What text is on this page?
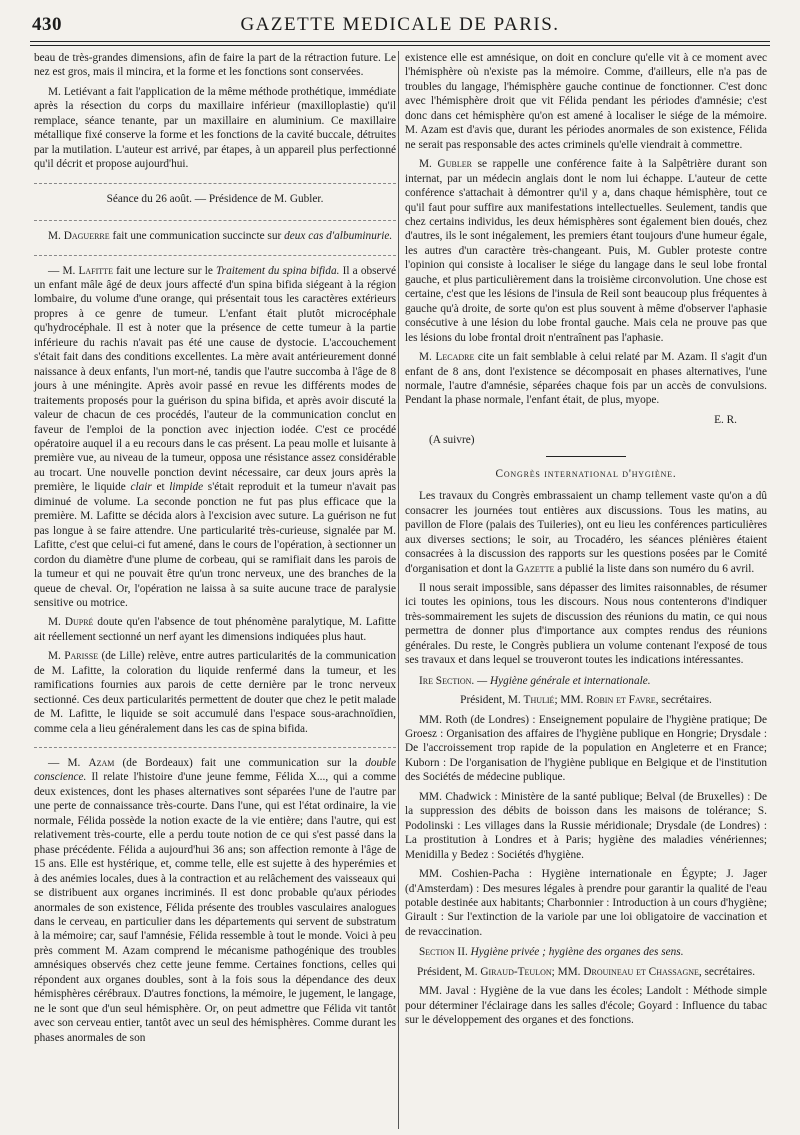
430	GAZETTE MEDICALE DE PARIS.

beau de très-grandes dimensions, afin de faire la part de la rétraction future. Le nez est gros, mais il mincira, et la forme et les fonctions sont conservées.

M. Letiévant a fait l'application de la même méthode prothétique, immédiate après la résection du corps du maxillaire inférieur (maxilloplastie) qu'il remplace, séance tenante, par un maxillaire en aluminium. Ce maxillaire métallique fixé conserve la forme et les fonctions de la cavité buccale, détruites par la mutilation. L'auteur est arrivé, par étapes, à un appareil plus perfectionné qu'il décrit et propose aujourd'hui.

Séance du 26 août. — Présidence de M. Gubler.

M. Daguerre fait une communication succincte sur deux cas d'albuminurie.

— M. Lafitte fait une lecture sur le Traitement du spina bifida. Il a observé un enfant mâle âgé de deux jours affecté d'un spina bifida siégeant à la région lombaire, du volume d'une orange, qui présentait tous les caractères extérieurs propres à ce genre de tumeur. L'enfant était plutôt microcéphale qu'hydrocéphale. Il est à noter que la présence de cette tumeur à la partie inférieure du rachis n'avait pas été une cause de dystocie. L'accouchement s'était fait dans des conditions excellentes. La mère avait antérieurement donné naissance à deux enfants, l'un mort-né, tandis que l'autre succomba à l'âge de 8 jours à une méningite. Après avoir passé en revue les différents modes de traitements proposés pour la guérison du spina bifida, et après avoir discuté la valeur de chacun de ces procédés, l'auteur de la communication conclut en faveur de l'emploi de la ponction avec injection iodée. C'est ce procédé opératoire auquel il a eu recours dans le cas présent. La peau molle et luisante à première vue, au niveau de la tumeur, opposa une résistance assez considérable au trocart. Une nouvelle ponction devint nécessaire, car deux jours après la première, le liquide clair et limpide s'était reproduit et la tumeur n'avait pas diminué de volume. La seconde ponction ne fut pas plus efficace que la première. M. Lafitte se décida alors à l'excision avec suture. La guérison ne fut pas longue à se faire attendre. Une particularité très-curieuse, signalée par M. Lafitte, c'est que celui-ci fut amené, dans le cours de l'opération, à sectionner un cordon du diamètre d'une plume de corbeau, qui se ramifiait dans les parois de la tumeur et qui ne pouvait être qu'un tronc nerveux, une des branches de la queue de cheval. Or, l'opération ne laissa à sa suite aucune trace de paralysie sensitive ou motrice.

M. Dupré doute qu'en l'absence de tout phénomène paralytique, M. Lafitte ait réellement sectionné un nerf ayant les dimensions indiquées plus haut.

M. Parisse (de Lille) relève, entre autres particularités de la communication de M. Lafitte, la coloration du liquide renfermé dans la tumeur, et les ramifications fournies aux parois de cette dernière par le tronc nerveux sectionné. Ces deux particularités permettent de douter que chez le petit malade de M. Lafitte, le liquide se soit accumulé dans l'espace sous-arachnoïdien, comme cela a lieu généralement dans les cas de spina bifida.

— M. Azam (de Bordeaux) fait une communication sur la double conscience. Il relate l'histoire d'une jeune femme, Félida X..., qui a comme deux existences, dont les phases alternatives sont séparées l'une de l'autre par une perte de connaissance très-courte. Dans l'une, qui est l'état ordinaire, la vie normale, Félida possède la notion exacte de la vie entière; dans l'autre, qui est relativement très-courte, elle a perdu toute notion de ce qui s'est passé dans la phase précédente. Félida a aujourd'hui 36 ans; son affection remonte à l'âge de 15 ans. Elle est hystérique, et, comme telle, elle est sujette à des hyperémies et à des anémies locales, dues à la contraction et au relâchement des vaisseaux qui se distribuent aux organes incriminés. Il est donc probable qu'aux périodes anormales de son existence, Félida présente des troubles vasculaires analogues dans le cerveau, en particulier dans les départements qui servent de substratum à la mémoire; car, sauf l'amnésie, Félida ressemble à tout le monde. Voici à peu près comment M. Azam comprend le mécanisme pathogénique des troubles amnésiques observés chez cette jeune femme. Certaines fonctions, celles qui répondent aux organes doubles, sont à la fois sous la dépendance des deux hémisphères cérébraux. D'autres fonctions, la mémoire, le jugement, le langage, ne le sont que d'un seul hémisphère. Or, on peut admettre que Félida vit tantôt avec son cerveau entier, tantôt avec un seul des hémisphères. Comme durant les phases anormales de son

existence elle est amnésique, on doit en conclure qu'elle vit à ce moment avec l'hémisphère où n'existe pas la mémoire. Comme, d'ailleurs, elle n'a pas de troubles du langage, l'hémisphère gauche continue de fonctionner. C'est donc avec l'hémisphère droit que vit Félida pendant les périodes d'amnésie; c'est donc dans cet hémisphère qu'on est amené à localiser le siége de la mémoire. M. Azam est d'avis que, durant les périodes anormales de son existence, Félida ne serait pas responsable des actes criminels qu'elle viendrait à commettre.

M. Gubler se rappelle une conférence faite à la Salpêtrière durant son internat, par un médecin anglais dont le nom lui échappe. L'auteur de cette conférence s'attachait à démontrer qu'il y a, dans chaque hémisphère, tout ce qu'il faut pour suffire aux manifestations intellectuelles. Seulement, tandis que chez certains individus, les deux hémisphères sont également bien doués, chez d'autres, ils le sont inégalement, les premiers étant toujours d'une humeur égale, les autres d'un caractère très-changeant. Puis, M. Gubler proteste contre l'opinion qui consiste à localiser le siége du langage dans le seul lobe frontal gauche, et plus particulièrement dans la troisième circonvolution. Une chose est certaine, c'est que les lésions de l'insula de Reil sont beaucoup plus fréquentes à gauche qu'à droite, de sorte qu'on est plus souvent à même d'observer l'aphasie consécutive à une lésion du lobe frontal gauche. Mais cela ne prouve pas que les lésions du lobe frontal droit n'entraînent pas l'aphasie.

M. Lecadre cite un fait semblable à celui relaté par M. Azam. Il s'agit d'un enfant de 8 ans, dont l'existence se décomposait en phases alternatives, l'une normale, l'autre d'amnésie, séparées chaque fois par un accès de convulsions. Pendant la phase normale, l'enfant était, de plus, myope.

E. R.

(A suivre)

Congrès international d'hygiène.

Les travaux du Congrès embrassaient un champ tellement vaste qu'on a dû consacrer les journées tout entières aux discussions. Tous les matins, au pavillon de Flore (palais des Tuileries), ont eu lieu les conférences particulières aux diverses sections; le soir, au Trocadéro, les séances plénières étaient consacrées à la discussion des rapports sur les questions posées par le Comité d'organisation et dont la Gazette a publié la liste dans son numéro du 6 avril.

Il nous serait impossible, sans dépasser des limites raisonnables, de résumer ici toutes les opinions, tous les discours. Nous nous contenterons d'indiquer très-sommairement les sujets de discussion des réunions du matin, ce qui nous permettra de donner plus d'importance aux comptes rendus des réunions générales. Du reste, le Congrès publiera un volume contenant l'exposé de tous ses travaux et dans lequel se trouveront toutes les indications intéressantes.

Ire Section. — Hygiène générale et internationale.

Président, M. Thulié; MM. Robin et Favre, secrétaires.

MM. Roth (de Londres) : Enseignement populaire de l'hygiène pratique; De Groesz : Organisation des affaires de l'hygiène publique en Hongrie; Drysdale : De l'accroissement trop rapide de la population en Angleterre et en France; Kuborn : De l'organisation de l'hygiène publique en Belgique et de l'institution des Sociétés de médecine publique.

MM. Chadwick : Ministère de la santé publique; Belval (de Bruxelles) : De la suppression des débits de boisson dans les maisons de tolérance; S. Podolinski : Les villages dans la Russie méridionale; Drysdale (de Londres) : La prostitution à Londres et à Paris; hygiène des maladies vénériennes; Menidilla y Bedez : Sociétés d'hygiène.

MM. Coshien-Pacha : Hygiène internationale en Égypte; J. Jager (d'Amsterdam) : Des mesures légales à prendre pour garantir la qualité de l'eau potable destinée aux habitants; Charbonnier : Introduction à un cours d'hygiène; Girault : Sur l'extinction de la variole par une loi obligatoire de vaccination et de revaccination.

Section II. Hygiène privée ; hygiène des organes des sens.

Président, M. Giraud-Teulon; MM. Drouineau et Chassagne, secrétaires.

MM. Javal : Hygiène de la vue dans les écoles; Landolt : Méthode simple pour déterminer l'éclairage dans les salles d'école; Goyard : Influence du tabac sur le développement des organes et des fonctions.
